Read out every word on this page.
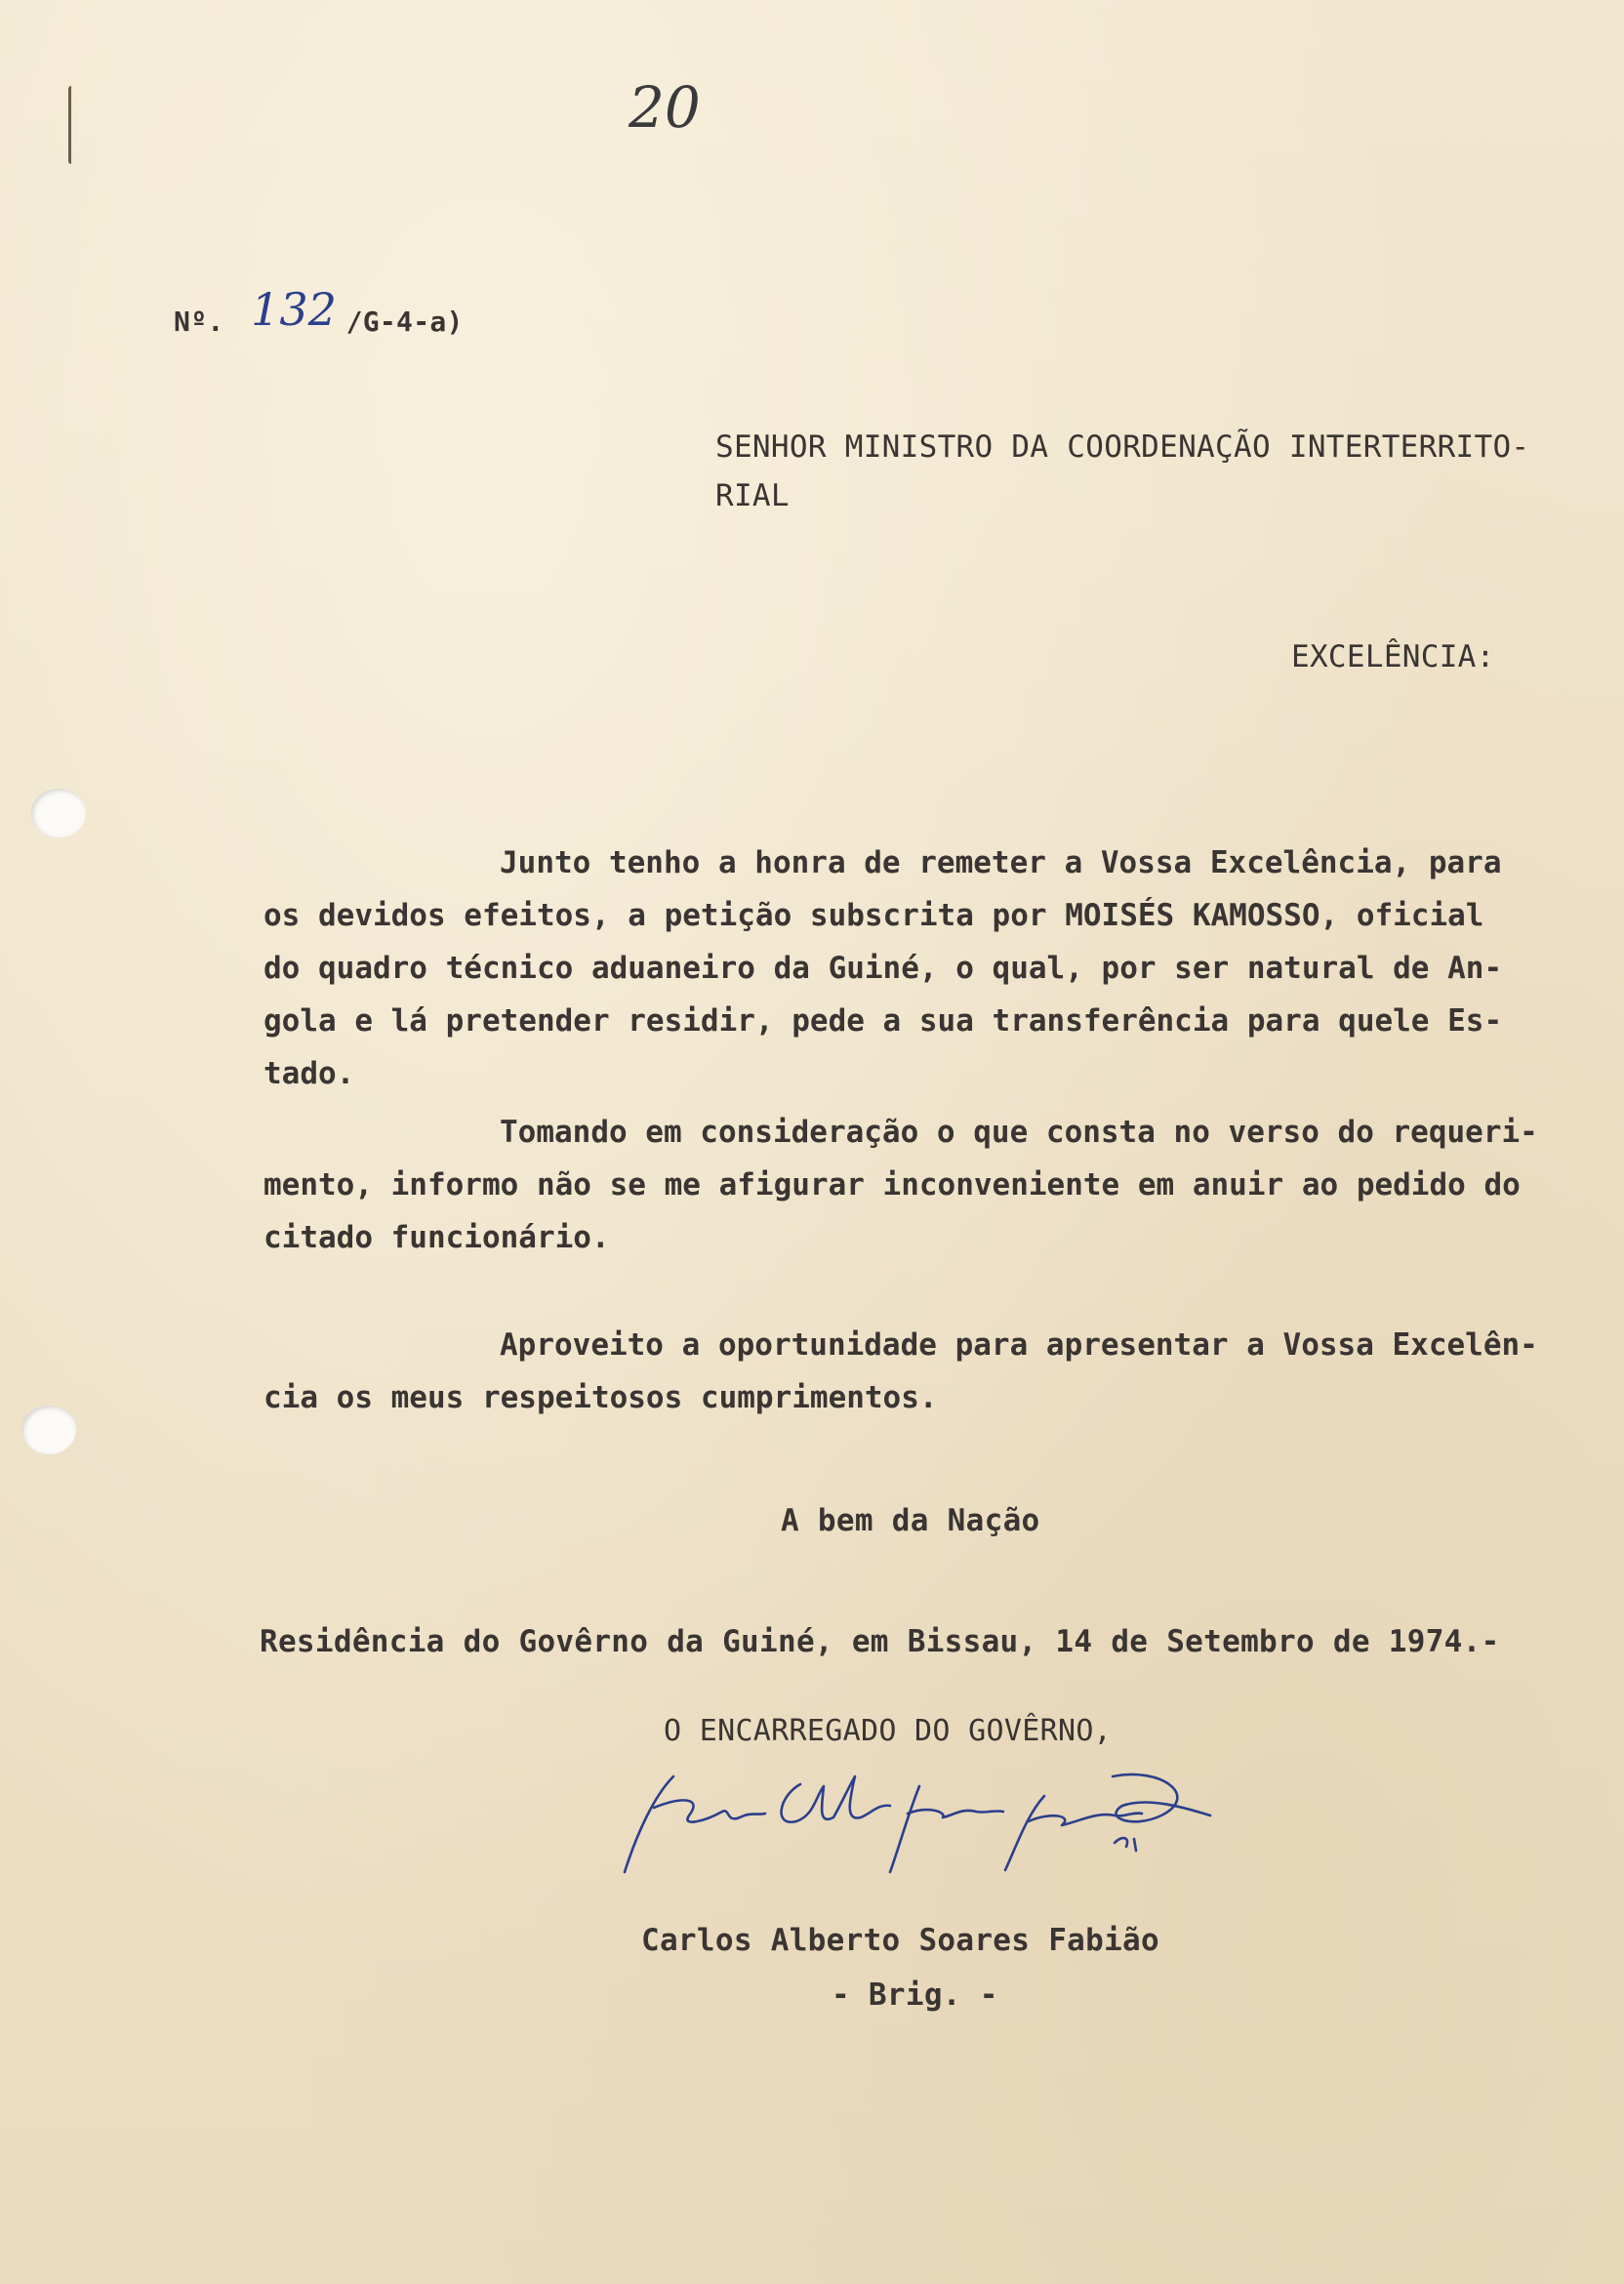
20
Nº. 132 /G-4-a)
SENHOR MINISTRO DA COORDENAÇÃO INTERTERRITO-
RIAL
EXCELÊNCIA:
Junto tenho a honra de remeter a Vossa Excelência, para
os devidos efeitos, a petição subscrita por MOISÉS KAMOSSO, oficial
do quadro técnico aduaneiro da Guiné, o qual, por ser natural de An-
gola e lá pretender residir, pede a sua transferência para quele Es-
tado.
Tomando em consideração o que consta no verso do requeri-
mento, informo não se me afigurar inconveniente em anuir ao pedido do
citado funcionário.
Aproveito a oportunidade para apresentar a Vossa Excelên-
cia os meus respeitosos cumprimentos.
A bem da Nação
Residência do Govêrno da Guiné, em Bissau, 14 de Setembro de 1974.-
O ENCARREGADO DO GOVÊRNO,
Carlos Alberto Soares Fabião
- Brig. -
